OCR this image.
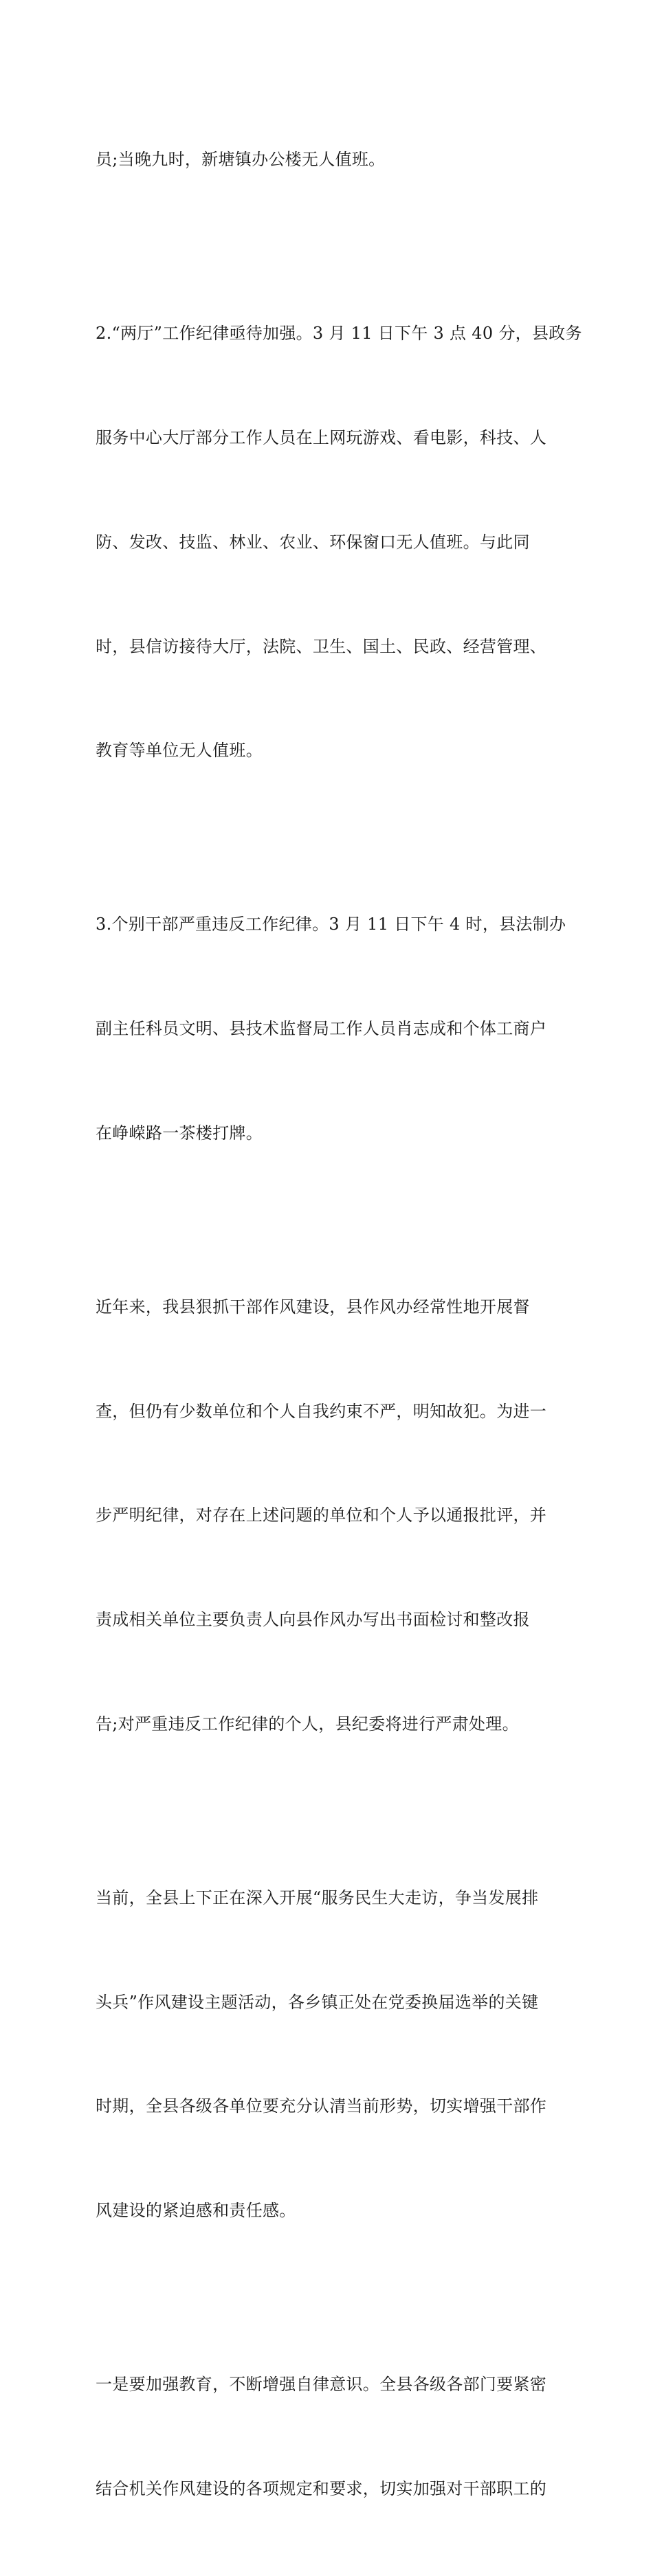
员;当晚九时，新塘镇办公楼无人值班。

2.“两厅”工作纪律亟待加强。3 月 11 日下午 3 点 40 分，县政务

服务中心大厅部分工作人员在上网玩游戏、看电影，科技、人

防、发改、技监、林业、农业、环保窗口无人值班。与此同

时，县信访接待大厅，法院、卫生、国土、民政、经营管理、

教育等单位无人值班。

3.个别干部严重违反工作纪律。3 月 11 日下午 4 时，县法制办

副主任科员文明、县技术监督局工作人员肖志成和个体工商户

在峥嵘路一茶楼打牌。

近年来，我县狠抓干部作风建设，县作风办经常性地开展督

查，但仍有少数单位和个人自我约束不严，明知故犯。为进一

步严明纪律，对存在上述问题的单位和个人予以通报批评，并

责成相关单位主要负责人向县作风办写出书面检讨和整改报

告;对严重违反工作纪律的个人，县纪委将进行严肃处理。

当前，全县上下正在深入开展“服务民生大走访，争当发展排

头兵”作风建设主题活动，各乡镇正处在党委换届选举的关键

时期，全县各级各单位要充分认清当前形势，切实增强干部作

风建设的紧迫感和责任感。

一是要加强教育，不断增强自律意识。全县各级各部门要紧密

结合机关作风建设的各项规定和要求，切实加强对干部职工的
